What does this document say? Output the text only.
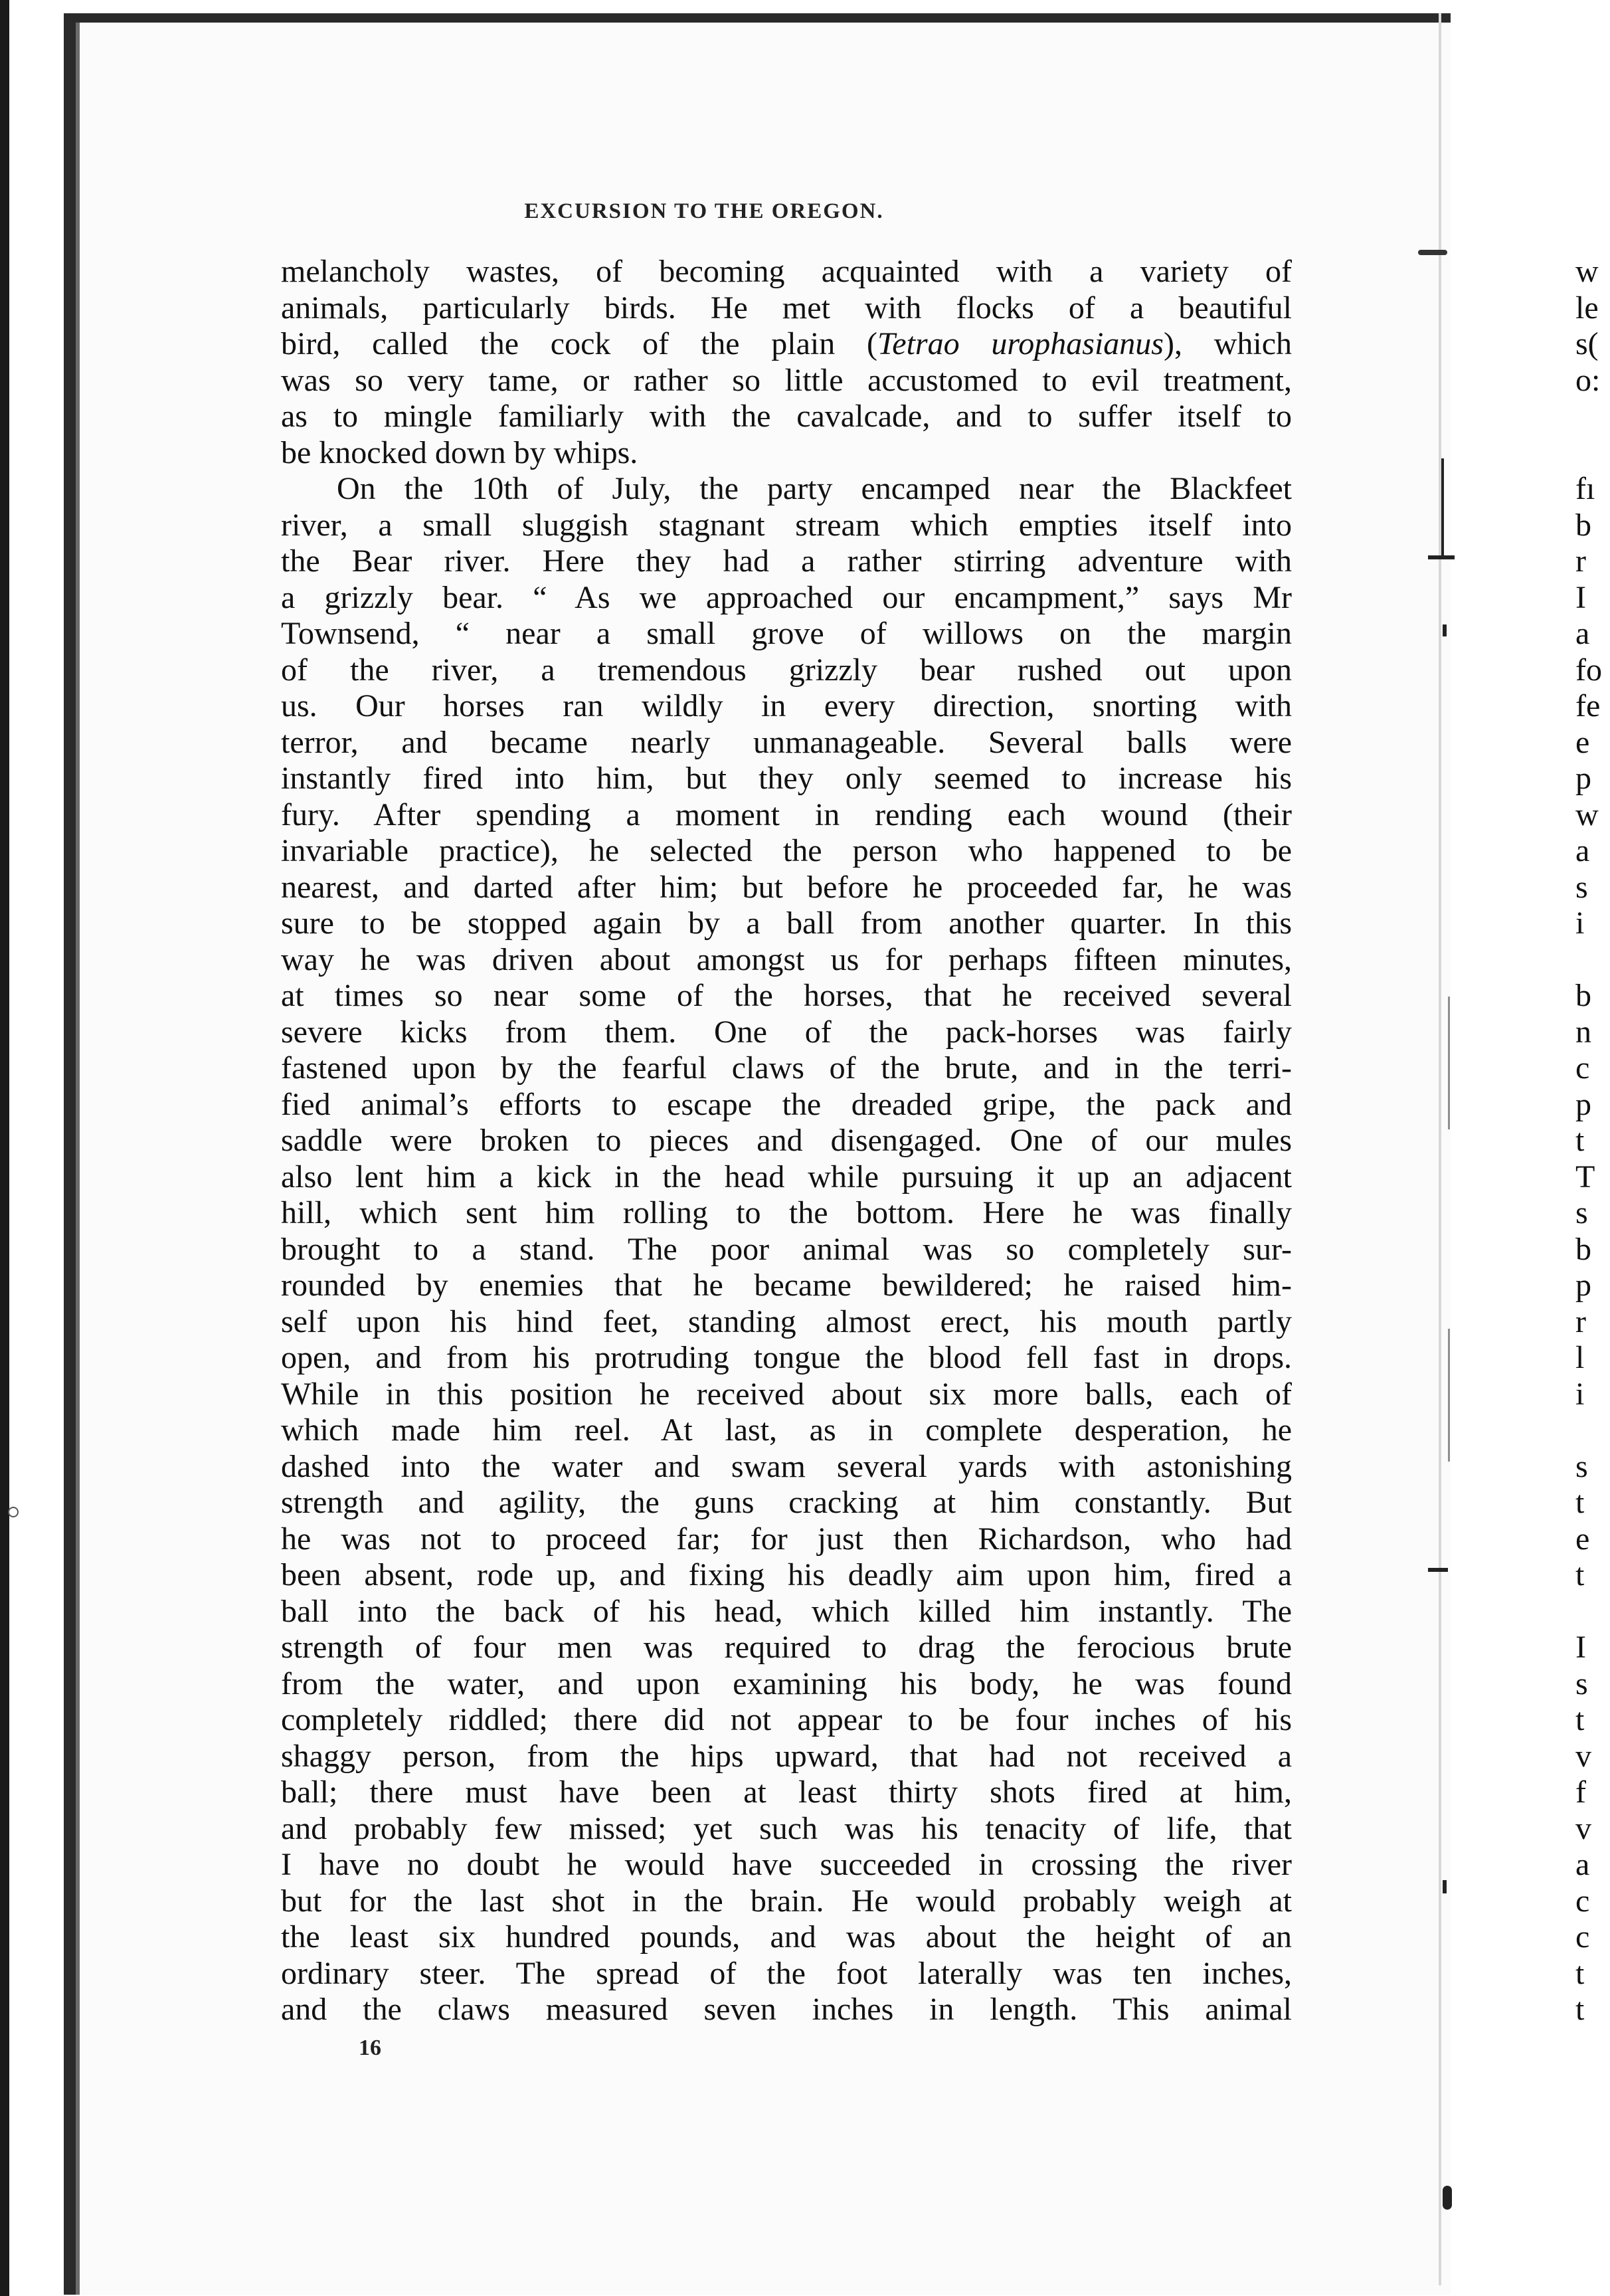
EXCURSION TO THE OREGON.
melancholy wastes, of becoming acquainted with a variety of
animals, particularly birds. He met with flocks of a beautiful
bird, called the cock of the plain (Tetrao urophasianus), which
was so very tame, or rather so little accustomed to evil treatment,
as to mingle familiarly with the cavalcade, and to suffer itself to
be knocked down by whips.
On the 10th of July, the party encamped near the Blackfeet
river, a small sluggish stagnant stream which empties itself into
the Bear river. Here they had a rather stirring adventure with
a grizzly bear. “ As we approached our encampment,” says Mr
Townsend, “ near a small grove of willows on the margin
of the river, a tremendous grizzly bear rushed out upon
us. Our horses ran wildly in every direction, snorting with
terror, and became nearly unmanageable. Several balls were
instantly fired into him, but they only seemed to increase his
fury. After spending a moment in rending each wound (their
invariable practice), he selected the person who happened to be
nearest, and darted after him; but before he proceeded far, he was
sure to be stopped again by a ball from another quarter. In this
way he was driven about amongst us for perhaps fifteen minutes,
at times so near some of the horses, that he received several
severe kicks from them. One of the pack-horses was fairly
fastened upon by the fearful claws of the brute, and in the terri-
fied animal’s efforts to escape the dreaded gripe, the pack and
saddle were broken to pieces and disengaged. One of our mules
also lent him a kick in the head while pursuing it up an adjacent
hill, which sent him rolling to the bottom. Here he was finally
brought to a stand. The poor animal was so completely sur-
rounded by enemies that he became bewildered; he raised him-
self upon his hind feet, standing almost erect, his mouth partly
open, and from his protruding tongue the blood fell fast in drops.
While in this position he received about six more balls, each of
which made him reel. At last, as in complete desperation, he
dashed into the water and swam several yards with astonishing
strength and agility, the guns cracking at him constantly. But
he was not to proceed far; for just then Richardson, who had
been absent, rode up, and fixing his deadly aim upon him, fired a
ball into the back of his head, which killed him instantly. The
strength of four men was required to drag the ferocious brute
from the water, and upon examining his body, he was found
completely riddled; there did not appear to be four inches of his
shaggy person, from the hips upward, that had not received a
ball; there must have been at least thirty shots fired at him,
and probably few missed; yet such was his tenacity of life, that
I have no doubt he would have succeeded in crossing the river
but for the last shot in the brain. He would probably weigh at
the least six hundred pounds, and was about the height of an
ordinary steer. The spread of the foot laterally was ten inches,
and the claws measured seven inches in length. This animal
16
w
le
s(
o:
fı
b
r
I
a
fo
fe
e
p
w
a
s
i
b
n
c
p
t
T
s
b
p
r
l
i
s
t
e
t
I
s
t
v
f
v
a
c
c
t
t
